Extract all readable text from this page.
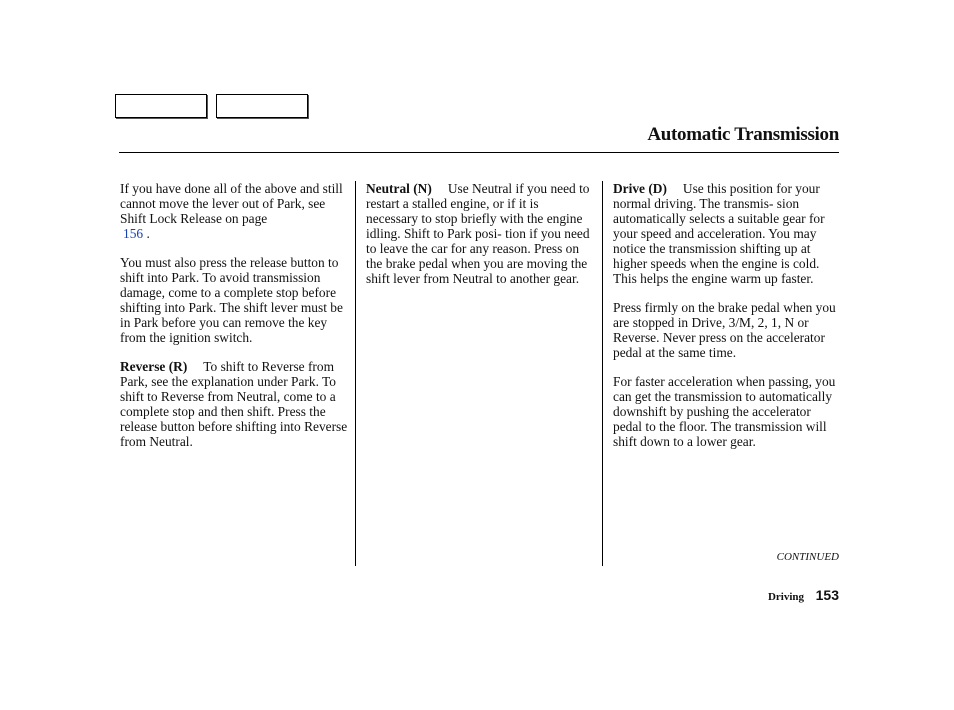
Automatic Transmission

If you have done all of the above and still cannot move the lever out of Park, see Shift Lock Release on page
156 .

You must also press the release button to shift into Park. To avoid transmission damage, come to a complete stop before shifting into Park. The shift lever must be in Park before you can remove the key from the ignition switch.

Reverse (R) To shift to Reverse from Park, see the explanation under Park. To shift to Reverse from Neutral, come to a complete stop and then shift. Press the release button before shifting into Reverse from Neutral.

Neutral (N) Use Neutral if you need to restart a stalled engine, or if it is necessary to stop briefly with the engine idling. Shift to Park posi- tion if you need to leave the car for any reason. Press on the brake pedal when you are moving the shift lever from Neutral to another gear.

Drive (D) Use this position for your normal driving. The transmis- sion automatically selects a suitable gear for your speed and acceleration. You may notice the transmission shifting up at higher speeds when the engine is cold. This helps the engine warm up faster.

Press firmly on the brake pedal when you are stopped in Drive, 3/M, 2, 1, N or Reverse. Never press on the accelerator pedal at the same time.

For faster acceleration when passing, you can get the transmission to automatically downshift by pushing the accelerator pedal to the floor. The transmission will shift down to a lower gear.

CONTINUED
Driving 153
